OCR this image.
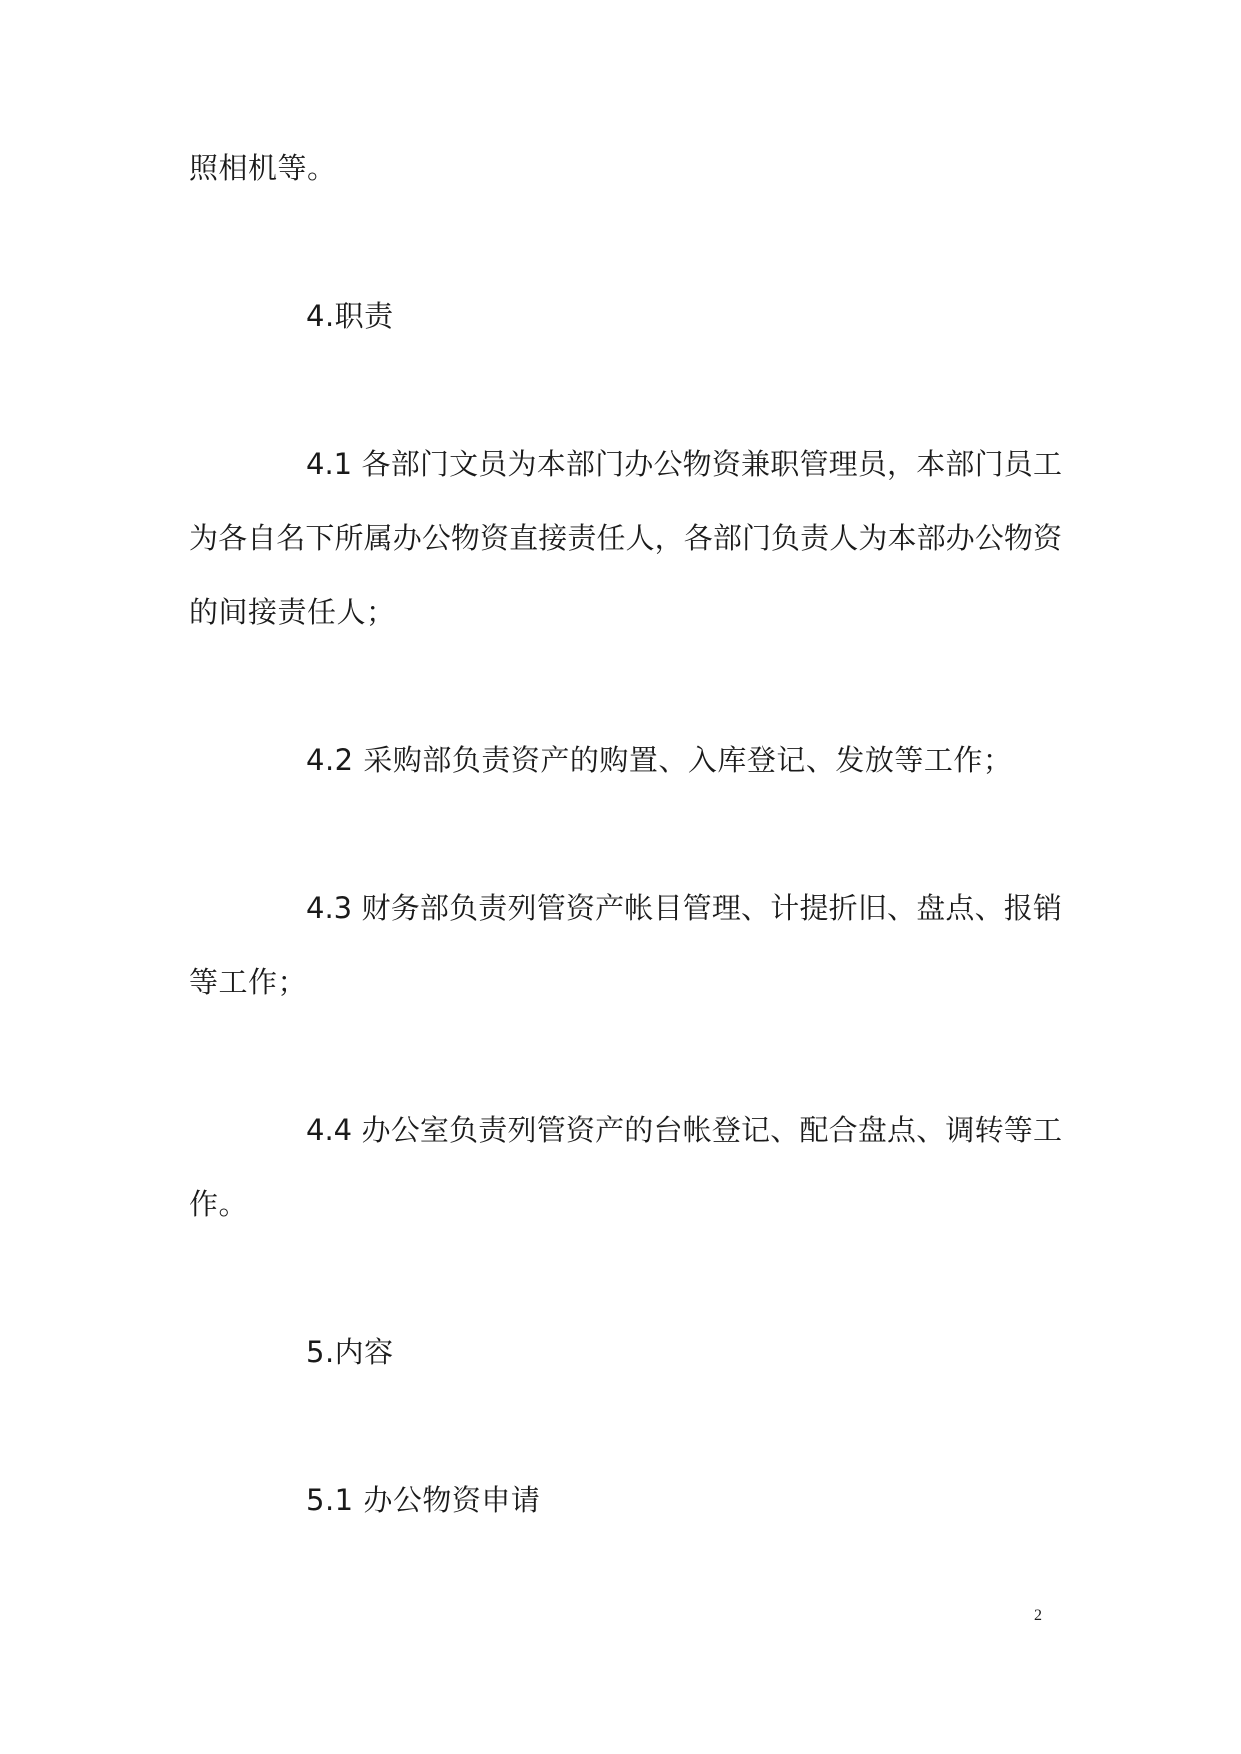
照相机等。
4.职责
4.1 各部门文员为本部门办公物资兼职管理员，本部门员工
为各自名下所属办公物资直接责任人，各部门负责人为本部办公物资
的间接责任人；
4.2 采购部负责资产的购置、入库登记、发放等工作；
4.3 财务部负责列管资产帐目管理、计提折旧、盘点、报销
等工作；
4.4 办公室负责列管资产的台帐登记、配合盘点、调转等工
作。
5.内容
5.1 办公物资申请
2
